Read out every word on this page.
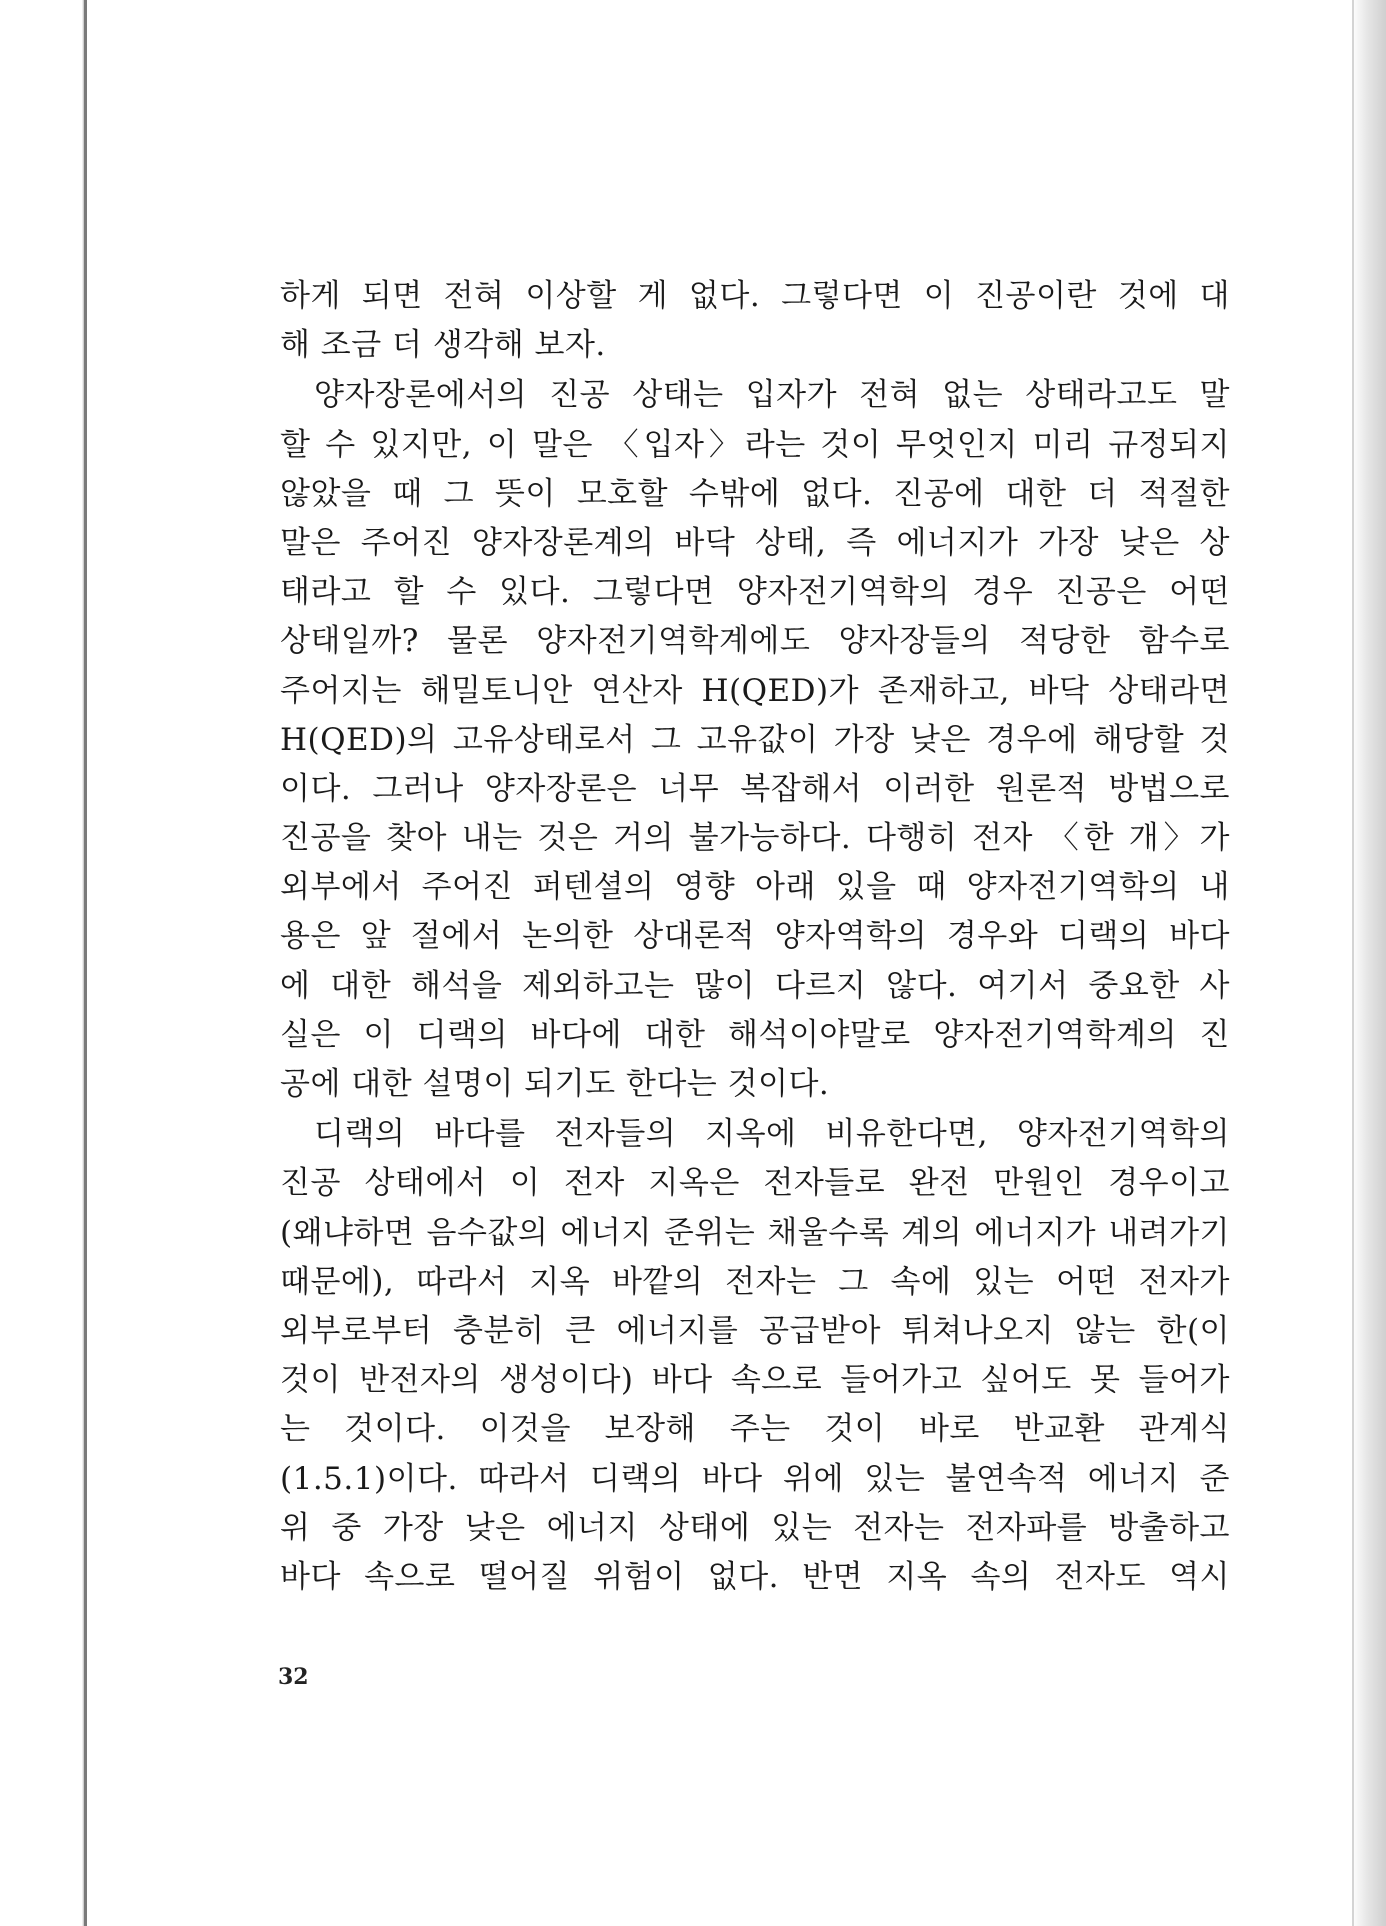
하게 되면 전혀 이상할 게 없다. 그렇다면 이 진공이란 것에 대
해 조금 더 생각해 보자.
양자장론에서의 진공 상태는 입자가 전혀 없는 상태라고도 말
할 수 있지만, 이 말은 〈입자〉라는 것이 무엇인지 미리 규정되지
않았을 때 그 뜻이 모호할 수밖에 없다. 진공에 대한 더 적절한
말은 주어진 양자장론계의 바닥 상태, 즉 에너지가 가장 낮은 상
태라고 할 수 있다. 그렇다면 양자전기역학의 경우 진공은 어떤
상태일까? 물론 양자전기역학계에도 양자장들의 적당한 함수로
주어지는 해밀토니안 연산자 H(QED)가 존재하고, 바닥 상태라면
H(QED)의 고유상태로서 그 고유값이 가장 낮은 경우에 해당할 것
이다. 그러나 양자장론은 너무 복잡해서 이러한 원론적 방법으로
진공을 찾아 내는 것은 거의 불가능하다. 다행히 전자 〈한 개〉가
외부에서 주어진 퍼텐셜의 영향 아래 있을 때 양자전기역학의 내
용은 앞 절에서 논의한 상대론적 양자역학의 경우와 디랙의 바다
에 대한 해석을 제외하고는 많이 다르지 않다. 여기서 중요한 사
실은 이 디랙의 바다에 대한 해석이야말로 양자전기역학계의 진
공에 대한 설명이 되기도 한다는 것이다.
디랙의 바다를 전자들의 지옥에 비유한다면, 양자전기역학의
진공 상태에서 이 전자 지옥은 전자들로 완전 만원인 경우이고
(왜냐하면 음수값의 에너지 준위는 채울수록 계의 에너지가 내려가기
때문에), 따라서 지옥 바깥의 전자는 그 속에 있는 어떤 전자가
외부로부터 충분히 큰 에너지를 공급받아 튀쳐나오지 않는 한(이
것이 반전자의 생성이다) 바다 속으로 들어가고 싶어도 못 들어가
는 것이다. 이것을 보장해 주는 것이 바로 반교환 관계식
(1.5.1)이다. 따라서 디랙의 바다 위에 있는 불연속적 에너지 준
위 중 가장 낮은 에너지 상태에 있는 전자는 전자파를 방출하고
바다 속으로 떨어질 위험이 없다. 반면 지옥 속의 전자도 역시
32
